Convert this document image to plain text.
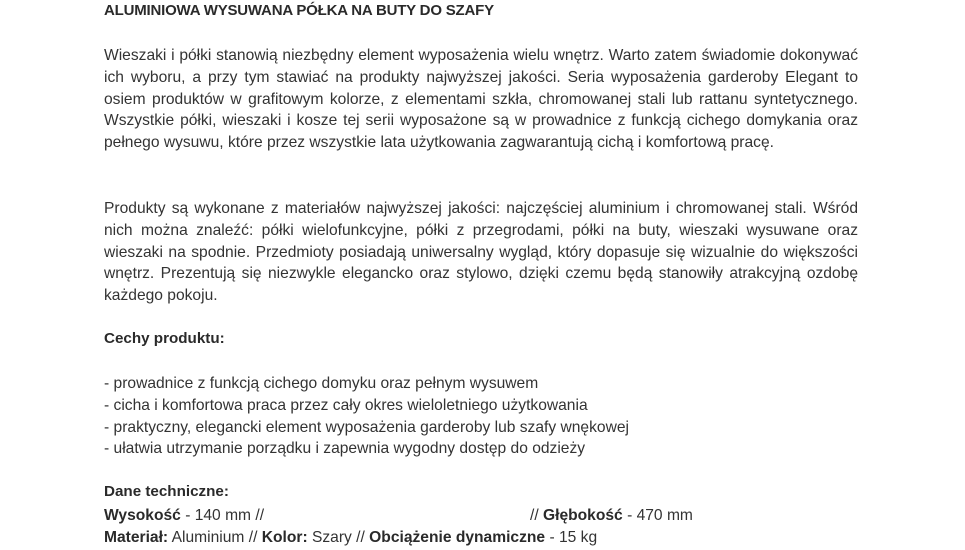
ALUMINIOWA WYSUWANA PÓŁKA NA BUTY DO SZAFY

Wieszaki i półki stanowią niezbędny element wyposażenia wielu wnętrz. Warto zatem świadomie dokonywać ich wyboru, a przy tym stawiać na produkty najwyższej jakości. Seria wyposażenia garderoby Elegant to osiem produktów w grafitowym kolorze, z elementami szkła, chromowanej stali lub rattanu syntetycznego. Wszystkie półki, wieszaki i kosze tej serii wyposażone są w prowadnice z funkcją cichego domykania oraz pełnego wysuwu, które przez wszystkie lata użytkowania zagwarantują cichą i komfortową pracę.

Produkty są wykonane z materiałów najwyższej jakości: najczęściej aluminium i chromowanej stali. Wśród nich można znaleźć: półki wielofunkcyjne, półki z przegrodami, półki na buty, wieszaki wysuwane oraz wieszaki na spodnie. Przedmioty posiadają uniwersalny wygląd, który dopasuje się wizualnie do większości wnętrz. Prezentują się niezwykle elegancko oraz stylowo, dzięki czemu będą stanowiły atrakcyjną ozdobę każdego pokoju.

Cechy produktu:
- prowadnice z funkcją cichego domyku oraz pełnym wysuwem
- cicha i komfortowa praca przez cały okres wieloletniego użytkowania
- praktyczny, elegancki element wyposażenia garderoby lub szafy wnękowej
- ułatwia utrzymanie porządku i zapewnia wygodny dostęp do odzieży
Dane techniczne:
Wysokość - 140 mm //	// Głębokość - 470 mm
Materiał: Aluminium // Kolor: Szary // Obciążenie dynamiczne - 15 kg
